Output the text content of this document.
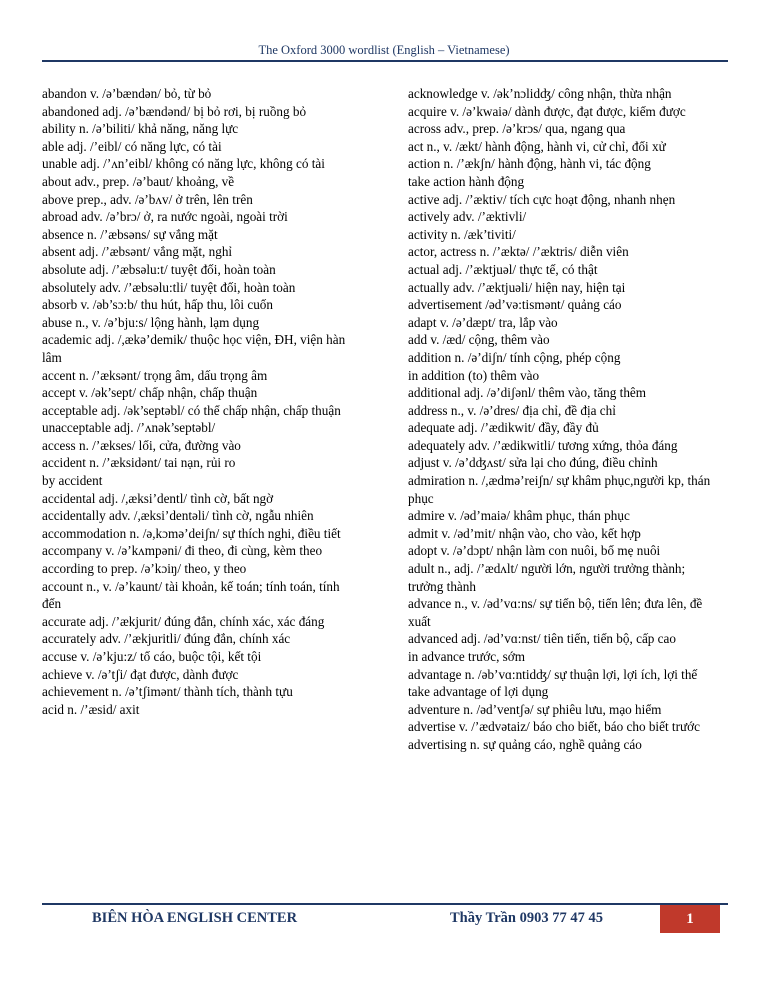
The Oxford 3000 wordlist (English – Vietnamese)

abandon v. /ə’bændən/ bỏ, từ bỏ

abandoned adj. /ə’bændənd/ bị bỏ rơi, bị ruồng bỏ

ability n. /ə’biliti/ khả năng, năng lực

able adj. /’eibl/ có năng lực, có tài

unable adj. /’ʌn’eibl/ không có năng lực, không có tài

about adv., prep. /ə’baut/ khoảng, về

above prep., adv. /ə’bʌv/ ở trên, lên trên

abroad adv. /ə’brɔ/ ở, ra nước ngoài, ngoài trời

absence n. /’æbsəns/ sự vắng mặt

absent adj. /’æbsənt/ vắng mặt, nghỉ

absolute adj. /’æbsəlu:t/ tuyệt đối, hoàn toàn

absolutely adv. /’æbsəlu:tli/ tuyệt đối, hoàn toàn

absorb v. /əb’sɔ:b/ thu hút, hấp thu, lôi cuốn

abuse n., v. /ə’bju:s/ lộng hành, lạm dụng

academic adj. /,ækə’demik/ thuộc học viện, ĐH, viện hàn lâm

accent n. /’æksənt/ trọng âm, dấu trọng âm

accept v. /ək’sept/ chấp nhận, chấp thuận

acceptable adj. /ək’septəbl/ có thể chấp nhận, chấp thuận

unacceptable adj. /’ʌnək’septəbl/

access n. /’ækses/ lối, cửa, đường vào

accident n. /’æksidənt/ tai nạn, rủi ro

by accident

accidental adj. /,æksi’dentl/ tình cờ, bất ngờ

accidentally adv. /,æksi’dentəli/ tình cờ, ngẫu nhiên

accommodation n. /ə,kɔmə’deiʃn/ sự thích nghi, điều tiết

accompany v. /ə’kʌmpəni/ đi theo, đi cùng, kèm theo

according to prep. /ə’kɔiŋ/ theo, y theo

account n., v. /ə’kaunt/ tài khoản, kế toán; tính toán, tính đến

accurate adj. /’ækjurit/ đúng đắn, chính xác, xác đáng

accurately adv. /’ækjuritli/ đúng đắn, chính xác

accuse v. /ə’kju:z/ tố cáo, buộc tội, kết tội

achieve v. /ə’tʃi/ đạt được, dành được

achievement n. /ə’tʃimənt/ thành tích, thành tựu

acid n. /’æsid/ axit

acknowledge v. /ək’nɔlidʤ/ công nhận, thừa nhận

acquire v. /ə’kwaiə/ dành được, đạt được, kiếm được

across adv., prep. /ə’krɔs/ qua, ngang qua

act n., v. /ækt/ hành động, hành vi, cử chỉ, đối xử

action n. /’ækʃn/ hành động, hành vi, tác động

take action hành động

active adj. /’æktiv/ tích cực hoạt động, nhanh nhẹn

actively adv. /’æktivli/

activity n. /æk’tiviti/

actor, actress n. /’æktə/ /’æktris/ diễn viên

actual adj. /’æktjuəl/ thực tế, có thật

actually adv. /’æktjuəli/ hiện nay, hiện tại

advertisement /əd’və:tismənt/ quảng cáo

adapt v. /ə’dæpt/ tra, lắp vào

add v. /æd/ cộng, thêm vào

addition n. /ə’diʃn/ tính cộng, phép cộng

in addition (to) thêm vào

additional adj. /ə’diʃənl/ thêm vào, tăng thêm

address n., v. /ə’dres/ địa chỉ, đề địa chỉ

adequate adj. /’ædikwit/ đầy, đầy đủ

adequately adv. /’ædikwitli/ tương xứng, thỏa đáng

adjust v. /ə’dʤʌst/ sửa lại cho đúng, điều chỉnh

admiration n. /,ædmə’reiʃn/ sự khâm phục,người kp, thán phục

admire v. /əd’maiə/ khâm phục, thán phục

admit v. /əd’mit/ nhận vào, cho vào, kết hợp

adopt v. /ə’dɔpt/ nhận làm con nuôi, bố mẹ nuôi

adult n., adj. /’ædʌlt/ người lớn, người trưởng thành; trưởng thành

advance n., v. /əd’vɑ:ns/ sự tiến bộ, tiến lên; đưa lên, đề xuất

advanced adj. /əd’vɑ:nst/ tiên tiến, tiến bộ, cấp cao

in advance trước, sớm

advantage n. /əb’vɑ:ntidʤ/ sự thuận lợi, lợi ích, lợi thế

take advantage of lợi dụng

adventure n. /əd’ventʃə/ sự phiêu lưu, mạo hiểm

advertise v. /’ædvətaiz/ báo cho biết, báo cho biết trước

advertising n. sự quảng cáo, nghề quảng cáo

BIÊN HÒA ENGLISH CENTER	Thầy Trần 0903 77 47 45	1
